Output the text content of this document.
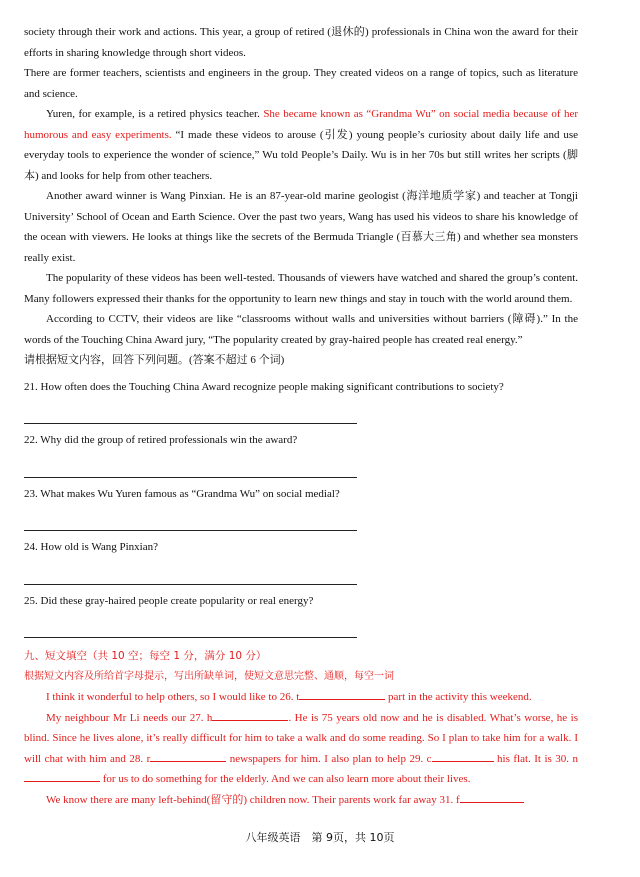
society through their work and actions. This year, a group of retired (退休的) professionals in China won the award for their efforts in sharing knowledge through short videos.

There are former teachers, scientists and engineers in the group. They created videos on a range of topics, such as literature and science.

Yuren, for example, is a retired physics teacher. She became known as “Grandma Wu” on social media because of her humorous and easy experiments. “I made these videos to arouse (引发) young people’s curiosity about daily life and use everyday tools to experience the wonder of science,” Wu told People’s Daily. Wu is in her 70s but still writes her scripts (脚本) and looks for help from other teachers.

Another award winner is Wang Pinxian. He is an 87-year-old marine geologist (海洋地质学家) and teacher at Tongji University’ School of Ocean and Earth Science. Over the past two years, Wang has used his videos to share his knowledge of the ocean with viewers. He looks at things like the secrets of the Bermuda Triangle (百慕大三角) and whether sea monsters really exist.

The popularity of these videos has been well-tested. Thousands of viewers have watched and shared the group’s content. Many followers expressed their thanks for the opportunity to learn new things and stay in touch with the world around them.

According to CCTV, their videos are like “classrooms without walls and universities without barriers (障碍).” In the words of the Touching China Award jury, “The popularity created by gray-haired people has created real energy.”

请根据短文内容，回答下列问题。(答案不超过 6 个词)

21. How often does the Touching China Award recognize people making significant contributions to society?

22. Why did the group of retired professionals win the award?

23. What makes Wu Yuren famous as “Grandma Wu” on social medial?

24. How old is Wang Pinxian?

25. Did these gray-haired people create popularity or real energy?

九、短文填空（共 10 空；每空 1 分，满分 10 分）

根据短文内容及所给首字母提示，写出所缺单词，使短文意思完整、通顺，每空一词

I think it wonderful to help others, so I would like to 26. t	part in the activity this weekend.

My neighbour Mr Li needs our 27. h	. He is 75 years old now and he is disabled. What’s worse, he is blind. Since he lives alone, it’s really difficult for him to take a walk and do some reading. So I plan to take him for a walk. I will chat with him and 28. r	newspapers for him. I also plan to help 29. c	his flat. It is 30. n for us to do something for the elderly. And we can also learn more about their lives.

We know there are many left-behind(留守的) children now. Their parents work far away 31. f

八年级英语　第 9页，共 10页
